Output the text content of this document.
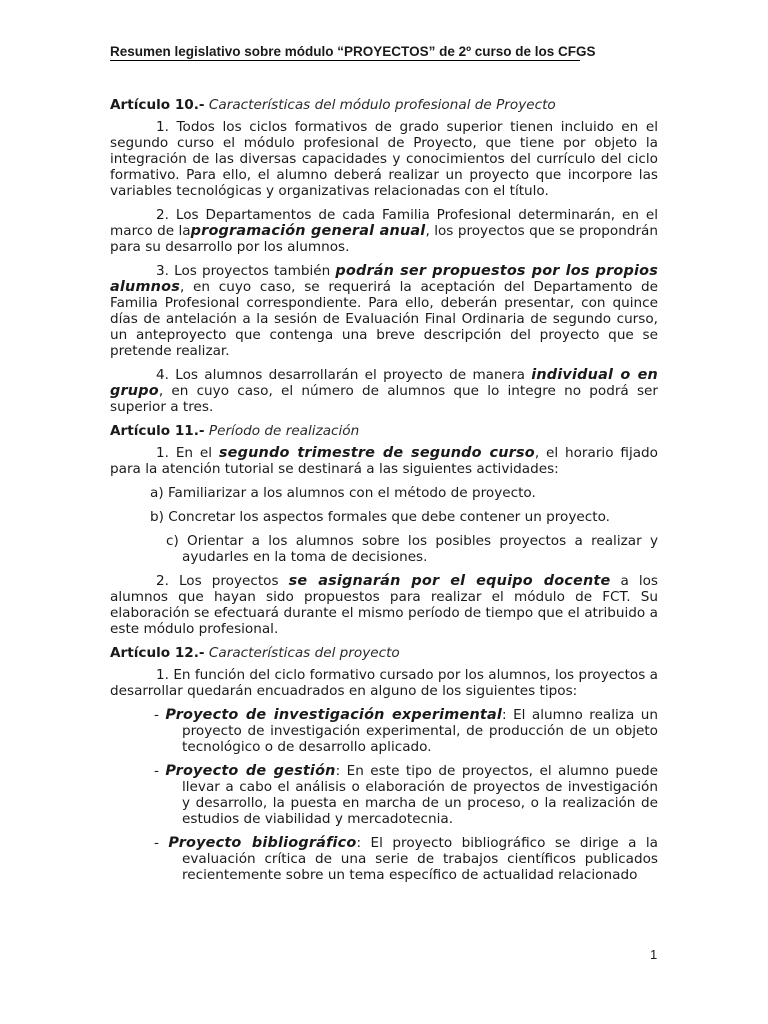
Resumen legislativo sobre módulo “PROYECTOS” de 2º curso de los CFGS

Artículo 10.- Características del módulo profesional de Proyecto

1. Todos los ciclos formativos de grado superior tienen incluido en el segundo curso el módulo profesional de Proyecto, que tiene por objeto la integración de las diversas capacidades y conocimientos del currículo del ciclo formativo. Para ello, el alumno deberá realizar un proyecto que incorpore las variables tecnológicas y organizativas relacionadas con el título.

2. Los Departamentos de cada Familia Profesional determinarán, en el marco de laprogramación general anual, los proyectos que se propondrán para su desarrollo por los alumnos.

3. Los proyectos también podrán ser propuestos por los propios alumnos, en cuyo caso, se requerirá la aceptación del Departamento de Familia Profesional correspondiente. Para ello, deberán presentar, con quince días de antelación a la sesión de Evaluación Final Ordinaria de segundo curso, un anteproyecto que contenga una breve descripción del proyecto que se pretende realizar.

4. Los alumnos desarrollarán el proyecto de manera individual o en grupo, en cuyo caso, el número de alumnos que lo integre no podrá ser superior a tres.

Artículo 11.- Período de realización

1. En el segundo trimestre de segundo curso, el horario fijado para la atención tutorial se destinará a las siguientes actividades:

a) Familiarizar a los alumnos con el método de proyecto.

b) Concretar los aspectos formales que debe contener un proyecto.

c) Orientar a los alumnos sobre los posibles proyectos a realizar y ayudarles en la toma de decisiones.

2. Los proyectos se asignarán por el equipo docente a los alumnos que hayan sido propuestos para realizar el módulo de FCT. Su elaboración se efectuará durante el mismo período de tiempo que el atribuido a este módulo profesional.

Artículo 12.- Características del proyecto

1. En función del ciclo formativo cursado por los alumnos, los proyectos a desarrollar quedarán encuadrados en alguno de los siguientes tipos:

- Proyecto de investigación experimental: El alumno realiza un proyecto de investigación experimental, de producción de un objeto tecnológico o de desarrollo aplicado.

- Proyecto de gestión: En este tipo de proyectos, el alumno puede llevar a cabo el análisis o elaboración de proyectos de investigación y desarrollo, la puesta en marcha de un proceso, o la realización de estudios de viabilidad y mercadotecnia.

- Proyecto bibliográfico: El proyecto bibliográfico se dirige a la evaluación crítica de una serie de trabajos científicos publicados recientemente sobre un tema específico de actualidad relacionado

1
